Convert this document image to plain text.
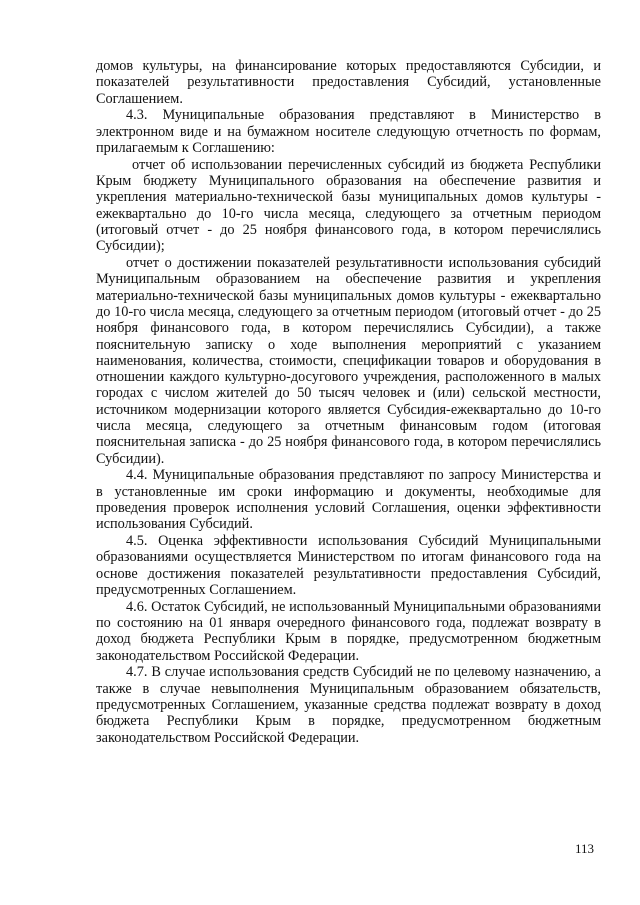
домов культуры, на финансирование которых предоставляются Субсидии, и показателей результативности предоставления Субсидий, установленные Соглашением.

4.3. Муниципальные образования представляют в Министерство в электронном виде и на бумажном носителе следующую отчетность по формам, прилагаемым к Соглашению:

отчет об использовании перечисленных субсидий из бюджета Республики Крым бюджету Муниципального образования на обеспечение развития и укрепления материально-технической базы муниципальных домов культуры - ежеквартально до 10-го числа месяца, следующего за отчетным периодом (итоговый отчет - до 25 ноября финансового года, в котором перечислялись Субсидии);

отчет о достижении показателей результативности использования субсидий Муниципальным образованием на обеспечение развития и укрепления материально-технической базы муниципальных домов культуры - ежеквартально до 10-го числа месяца, следующего за отчетным периодом (итоговый отчет - до 25 ноября финансового года, в котором перечислялись Субсидии), а также пояснительную записку о ходе выполнения мероприятий с указанием наименования, количества, стоимости, спецификации товаров и оборудования в отношении каждого культурно-досугового учреждения, расположенного в малых городах с числом жителей до 50 тысяч человек и (или) сельской местности, источником модернизации которого является Субсидия-ежеквартально до 10-го числа месяца, следующего за отчетным финансовым годом (итоговая пояснительная записка - до 25 ноября финансового года, в котором перечислялись Субсидии).

4.4. Муниципальные образования представляют по запросу Министерства и в установленные им сроки информацию и документы, необходимые для проведения проверок исполнения условий Соглашения, оценки эффективности использования Субсидий.

4.5. Оценка эффективности использования Субсидий Муниципальными образованиями осуществляется Министерством по итогам финансового года на основе достижения показателей результативности предоставления Субсидий, предусмотренных Соглашением.

4.6. Остаток Субсидий, не использованный Муниципальными образованиями по состоянию на 01 января очередного финансового года, подлежат возврату в доход бюджета Республики Крым в порядке, предусмотренном бюджетным законодательством Российской Федерации.

4.7. В случае использования средств Субсидий не по целевому назначению, а также в случае невыполнения Муниципальным образованием обязательств, предусмотренных Соглашением, указанные средства подлежат возврату в доход бюджета Республики Крым в порядке, предусмотренном бюджетным законодательством Российской Федерации.

113
